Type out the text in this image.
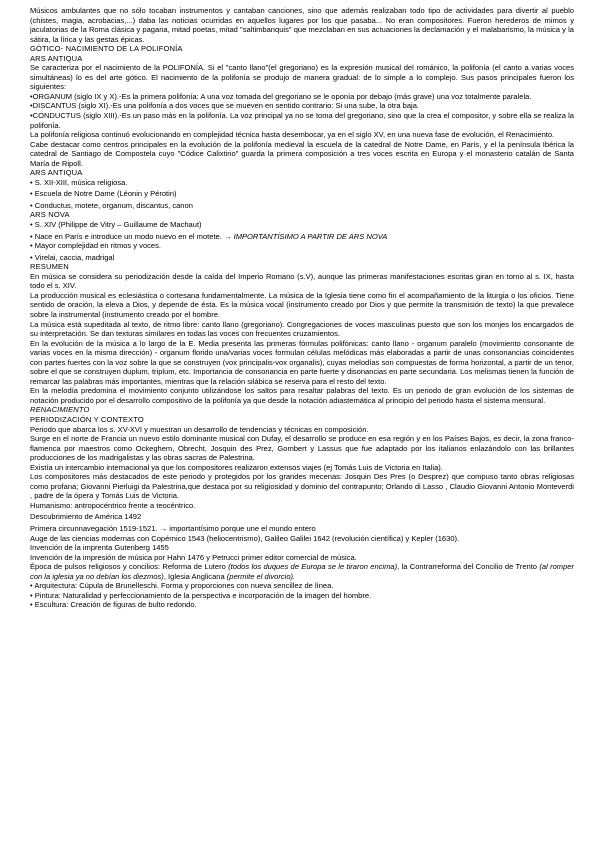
Músicos ambulantes que no sólo tocaban instrumentos y cantaban canciones, sino que además realizaban todo tipo de actividades para divertir al pueblo (chistes, magia, acrobacias,...) daba las noticias ocurridas en aquellos lugares por los que pasaba... No eran compositores. Fueron herederos de mimos y jaculatorias de la Roma clásica y pagana, mitad poetas, mitad "saltimbanquis" que mezclaban en sus actuaciones la declamación y el malabarismo, la música y la sátira, la lírica y las gestas épicas.

GÓTICO- NACIMIENTO DE LA POLIFONÍA

ARS ANTIQUA

Se caracteriza por el nacimiento de la POLIFONÍA. Si el "canto llano"(el gregoriano) es la expresión musical del románico, la polifonía (el canto a varias voces simultáneas) lo es del arte gótico. El nacimiento de la polifonía se produjo de manera gradual: de lo simple a lo complejo. Sus pasos principales fueron los siguientes:

•ORGANUM (siglo IX y X).-Es la primera polifonía: A una voz tomada del gregoriano se le oponía por debajo (más grave) una voz totalmente paralela.

•DISCANTUS (siglo XI).-Es una polifonía a dos voces que se mueven en sentido contrario: Si una sube, la otra baja.

•CONDUCTUS (siglo XIII).-Es un paso más en la polifonía. La voz principal ya no se toma del gregoriano, sino que la crea el compositor, y sobre ella se realiza la polifonía.

La polifonía religiosa continuó evolucionando en complejidad técnica hasta desembocar, ya en el siglo XV, en una nueva fase de evolución, el Renacimiento.

Cabe destacar como centros principales en la evolución de la polifonía medieval la escuela de la catedral de Notre Dame, en París, y el la península Ibérica la catedral de Santiago de Compostela cuyo "Códice Calixtino" guarda la primera composición a tres voces escrita en Europa y el monasterio catalán de Santa María de Ripoll.

ARS ANTIQUA

• S. XII-XIII, música religiosa.

• Escuela de Notre Dame (Léonin y Pérotin)

• Conductus, motete, organum, discantus, canon

ARS NOVA

• S. XIV (Philippe de Vitry – Guillaume de Machaut)

• Nace en París e introduce un modo nuevo en el motete. → IMPORTANTÍSIMO A PARTIR DE ARS NOVA

• Mayor complejidad en ritmos y voces.

• Virelai, caccia, madrigal

RESUMEN

En música se considera su periodización desde la caída del Imperio Romano (s.V), aunque las primeras manifestaciones escritas giran en torno al s. IX, hasta todo el s. XIV.

La producción musical es eclesiástica o cortesana fundamentalmente. La música de la Iglesia tiene como fin el acompañamiento de la liturgia o los oficios. Tiene sentido de oración, la eleva a Dios, y depende de ésta. Es la música vocal (instrumento creado por Dios y que permite la transmisión de texto) la que prevalece sobre la instrumental (instrumento creado por el hombre.

La música está supeditada al texto, de ritmo libre: canto llano (gregoriano). Congregaciones de voces masculinas puesto que son los monjes los encargados de su interpretación. Se dan texturas similares en todas las voces con frecuentes cruzamientos.

En la evolución de la música a lo largo de la E. Media presenta las primeras fórmulas polifónicas: canto llano - organum paralelo (movimiento consonante de varias voces en la misma dirección) - organum florido una/varias voces formulan células melódicas más elaboradas a partir de unas consonancias coincidentes con partes fuertes con la voz sobre la que se construyen (vox principalis-vox organalis), cuyas melodías son compuestas de forma horizontal, a partir de un tenor, sobre el que se construyen duplum, triplum, etc. Importancia de consonancia en parte fuerte y disonancias en parte secundaria. Los melismas tienen la función de remarcar las palabras más importantes, mientras que la relación silábica se reserva para el resto del texto.

En la melodía predomina el movimiento conjunto utilizándose los saltos para resaltar palabras del texto. Es un periodo de gran evolución de los sistemas de notación producido por el desarrollo compositivo de la polifonía ya que desde la notación adiastemática al principio del periodo hasta el sistema mensural.

RENACIMIENTO

PERIODIZACIÓN Y CONTEXTO

Periodo que abarca los s. XV-XVI y muestran un desarrollo de tendencias y técnicas en composición.

Surge en el norte de Francia un nuevo estilo dominante musical con Dufay, el desarrollo se produce en esa región y en los Países Bajos, es decir, la zona franco-flamenca por maestros como Ockeghem, Obrecht, Josquin des Prez, Gombert y Lassus que fue adaptado por los italianos enlazándolo con las brillantes producciones de los madrigalistas y las obras sacras de Palestrina.

Existía un intercambio internacional ya que los compositores realizaron extensos viajes (ej Tomás Luis de Victoria en Italia).

Los compositores más destacados de este periodo y protegidos por los grandes mecenas: Josquin Des Pres (o Desprez) que compuso tanto obras religiosas como profana; Giovanni Pierluigi da Palestrina,que destaca por su religiosidad y dominio del contrapunto; Orlando di Lasso , Claudio Giovanni Antonio Monteverdi , padre de la ópera y Tomás Luis de Victoria.

Humanismo: antropocéntrico frente a teocéntrico.

Descubrimiento de América 1492

Primera circunnavegación 1519-1521. → importantísimo porque une el mundo entero

Auge de las ciencias modernas con Copérnico 1543 (heliocentrismo), Galileo Galilei 1642 (revolución científica) y Kepler (1630).

Invención de la imprenta Gutenberg 1455

Invención de la impresión de música por Hahn 1476 y Petrucci primer editor comercial de música.

Época de pulsos religiosos y concilios: Reforma de Lutero (todos los duques de Europa se le tiraron encima), la Contrarreforma del Concilio de Trento (al romper con la iglesia ya no debían los diezmos), Iglesia Anglicana (permite el divorcio).

• Arquitectura: Cúpula de Brunelleschi. Forma y proporciones con nueva sencillez de línea.

• Pintura: Naturalidad y perfeccionamiento de la perspectiva e incorporación de la imagen del hombre.

• Escultura: Creación de figuras de bulto redondo.
